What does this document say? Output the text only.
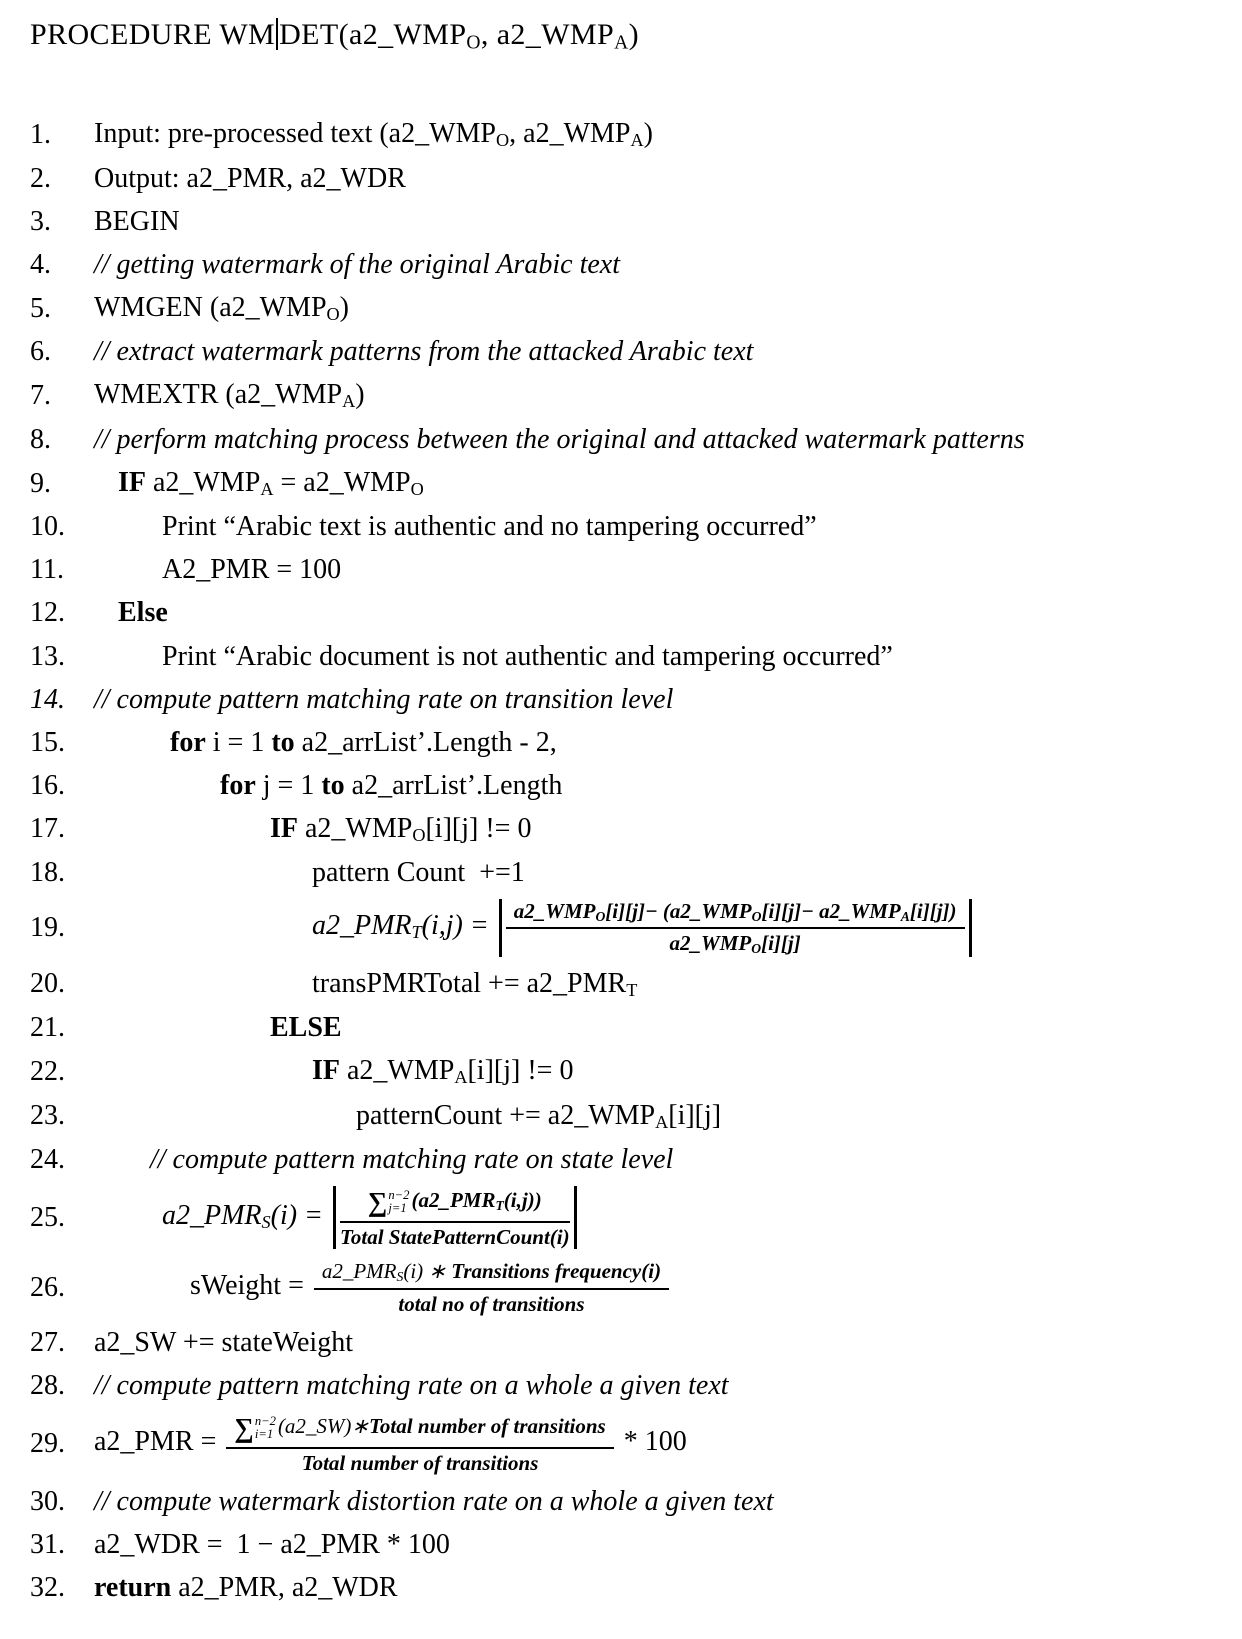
PROCEDURE WM $DET(a2\_WMP_O$, $a2\_WMP_A$)
1.	Input: pre-processed text ($a2\_WMP_O$, $a2\_WMP_A$)
2.	Output: a2_PMR, a2_WDR
3.	BEGIN
4.	// getting watermark of the original Arabic text
5.	WMGEN $(a2\_WMP_O)$
6.	// extract watermark patterns from the attacked Arabic text
7.	WMEXTR $(a2\_WMP_A)$
8.	// perform matching process between the original and attacked watermark patterns
9.	IF $a2\_WMP_A$ = $a2\_WMP_O$
10.	Print “Arabic text is authentic and no tampering occurred”
11.	A2_PMR = 100
12.	Else
13.	Print “Arabic document is not authentic and tampering occurred”
14.	// compute pattern matching rate on transition level
15.	for i = 1 to a2_arrList’.Length - 2,
16.	for j = 1 to a2_arrList’.Length
17.	IF $a2\_WMP_O[i][j]$ != 0
18.	pattern Count  +=1
19.	$a2\_PMR_T(i,j) = \frac{a2\_WMP_O[i][j]- (a2\_WMP_O[i][j]- a2\_WMP_A[i][j])}{a2\_WMP_O[i][j]}$
20.	transPMRTotal += $a2\_PMR_T$
21.	ELSE
22.	IF $a2\_WMP_A[i][j]$ != 0
23.	patternCount += $a2\_WMP_A[i][j]$
24.	// compute pattern matching rate on state level
25.	$a2\_PMR_S(i)$ = ∑ n−2
j=1 $(a2\_PMR_T(i,j))$
Total StatePatternCount(i)
26.	sWeight = $\frac{a2\_PMR_S(i) ∗ Transitions frequency(i)}{\text{total no of transitions}}$
27.	a2_SW += stateWeight
28.	// compute pattern matching rate on a whole a given text
29.	a2_PMR = ∑ n−2
i=1 (a2_SW)∗Total number of transitions
Total number of transitions * 100
30.	// compute watermark distortion rate on a whole a given text
31.	a2_WDR =  1 − a2_PMR * 100
32.	return a2_PMR, a2_WDR
